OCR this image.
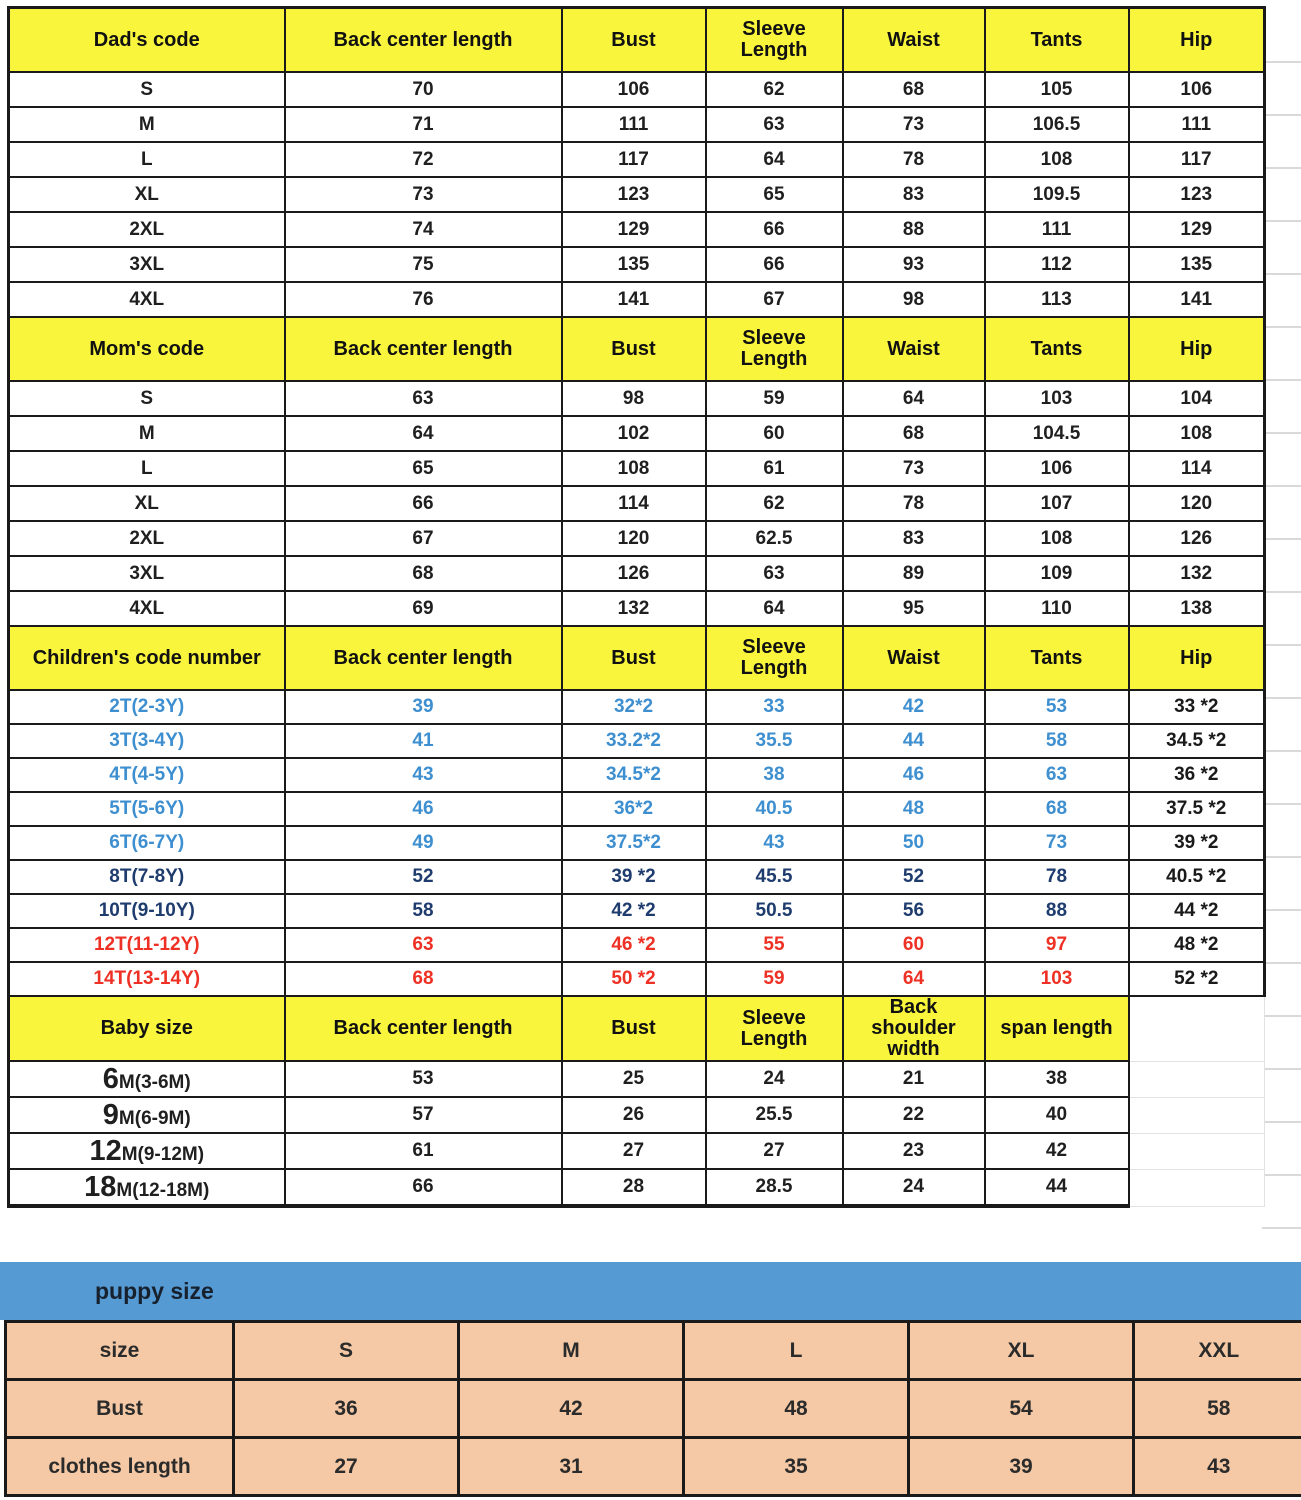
Dad's code	Back center length	Bust	Sleeve Length	Waist	Tants	Hip
S	70	106	62	68	105	106
M	71	111	63	73	106.5	111
L	72	117	64	78	108	117
XL	73	123	65	83	109.5	123
2XL	74	129	66	88	111	129
3XL	75	135	66	93	112	135
4XL	76	141	67	98	113	141
Mom's code	Back center length	Bust	Sleeve Length	Waist	Tants	Hip
S	63	98	59	64	103	104
M	64	102	60	68	104.5	108
L	65	108	61	73	106	114
XL	66	114	62	78	107	120
2XL	67	120	62.5	83	108	126
3XL	68	126	63	89	109	132
4XL	69	132	64	95	110	138
Children's code number	Back center length	Bust	Sleeve Length	Waist	Tants	Hip
2T(2-3Y)	39	32*2	33	42	53	33 *2
3T(3-4Y)	41	33.2*2	35.5	44	58	34.5 *2
4T(4-5Y)	43	34.5*2	38	46	63	36 *2
5T(5-6Y)	46	36*2	40.5	48	68	37.5 *2
6T(6-7Y)	49	37.5*2	43	50	73	39 *2
8T(7-8Y)	52	39 *2	45.5	52	78	40.5 *2
10T(9-10Y)	58	42 *2	50.5	56	88	44 *2
12T(11-12Y)	63	46 *2	55	60	97	48 *2
14T(13-14Y)	68	50 *2	59	64	103	52 *2
Baby size	Back center length	Bust	Sleeve Length	Back shoulder width	span length	
6M(3-6M)	53	25	24	21	38	
9M(6-9M)	57	26	25.5	22	40	
12M(9-12M)	61	27	27	23	42	
18M(12-18M)	66	28	28.5	24	44	
puppy size
size	S	M	L	XL	XXL
Bust	36	42	48	54	58
clothes length	27	31	35	39	43
